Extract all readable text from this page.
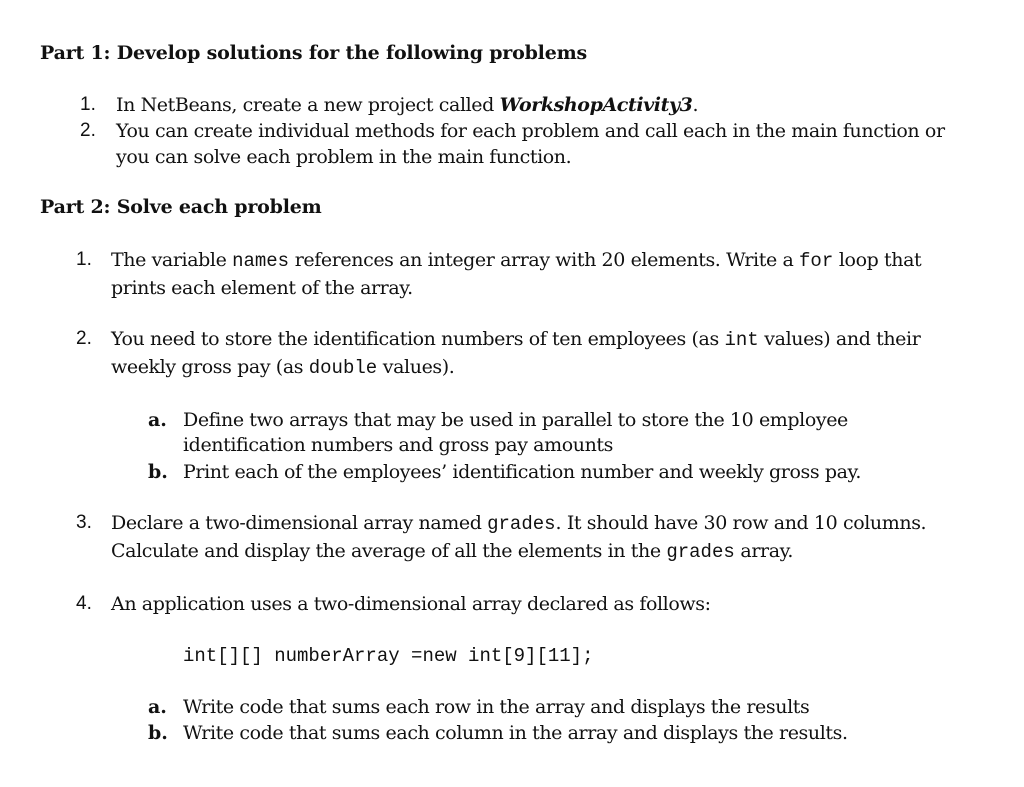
Part 1: Develop solutions for the following problems
1. In NetBeans, create a new project called WorkshopActivity3.
2. You can create individual methods for each problem and call each in the main function or
you can solve each problem in the main function.
Part 2: Solve each problem
1. The variable names references an integer array with 20 elements. Write a for loop that
prints each element of the array.
2. You need to store the identification numbers of ten employees (as int values) and their
weekly gross pay (as double values).
a. Define two arrays that may be used in parallel to store the 10 employee
identification numbers and gross pay amounts
b. Print each of the employees’ identification number and weekly gross pay.
3. Declare a two-dimensional array named grades. It should have 30 row and 10 columns.
Calculate and display the average of all the elements in the grades array.
4. An application uses a two-dimensional array declared as follows:
int[][] numberArray =new int[9][11];
a. Write code that sums each row in the array and displays the results
b. Write code that sums each column in the array and displays the results.
